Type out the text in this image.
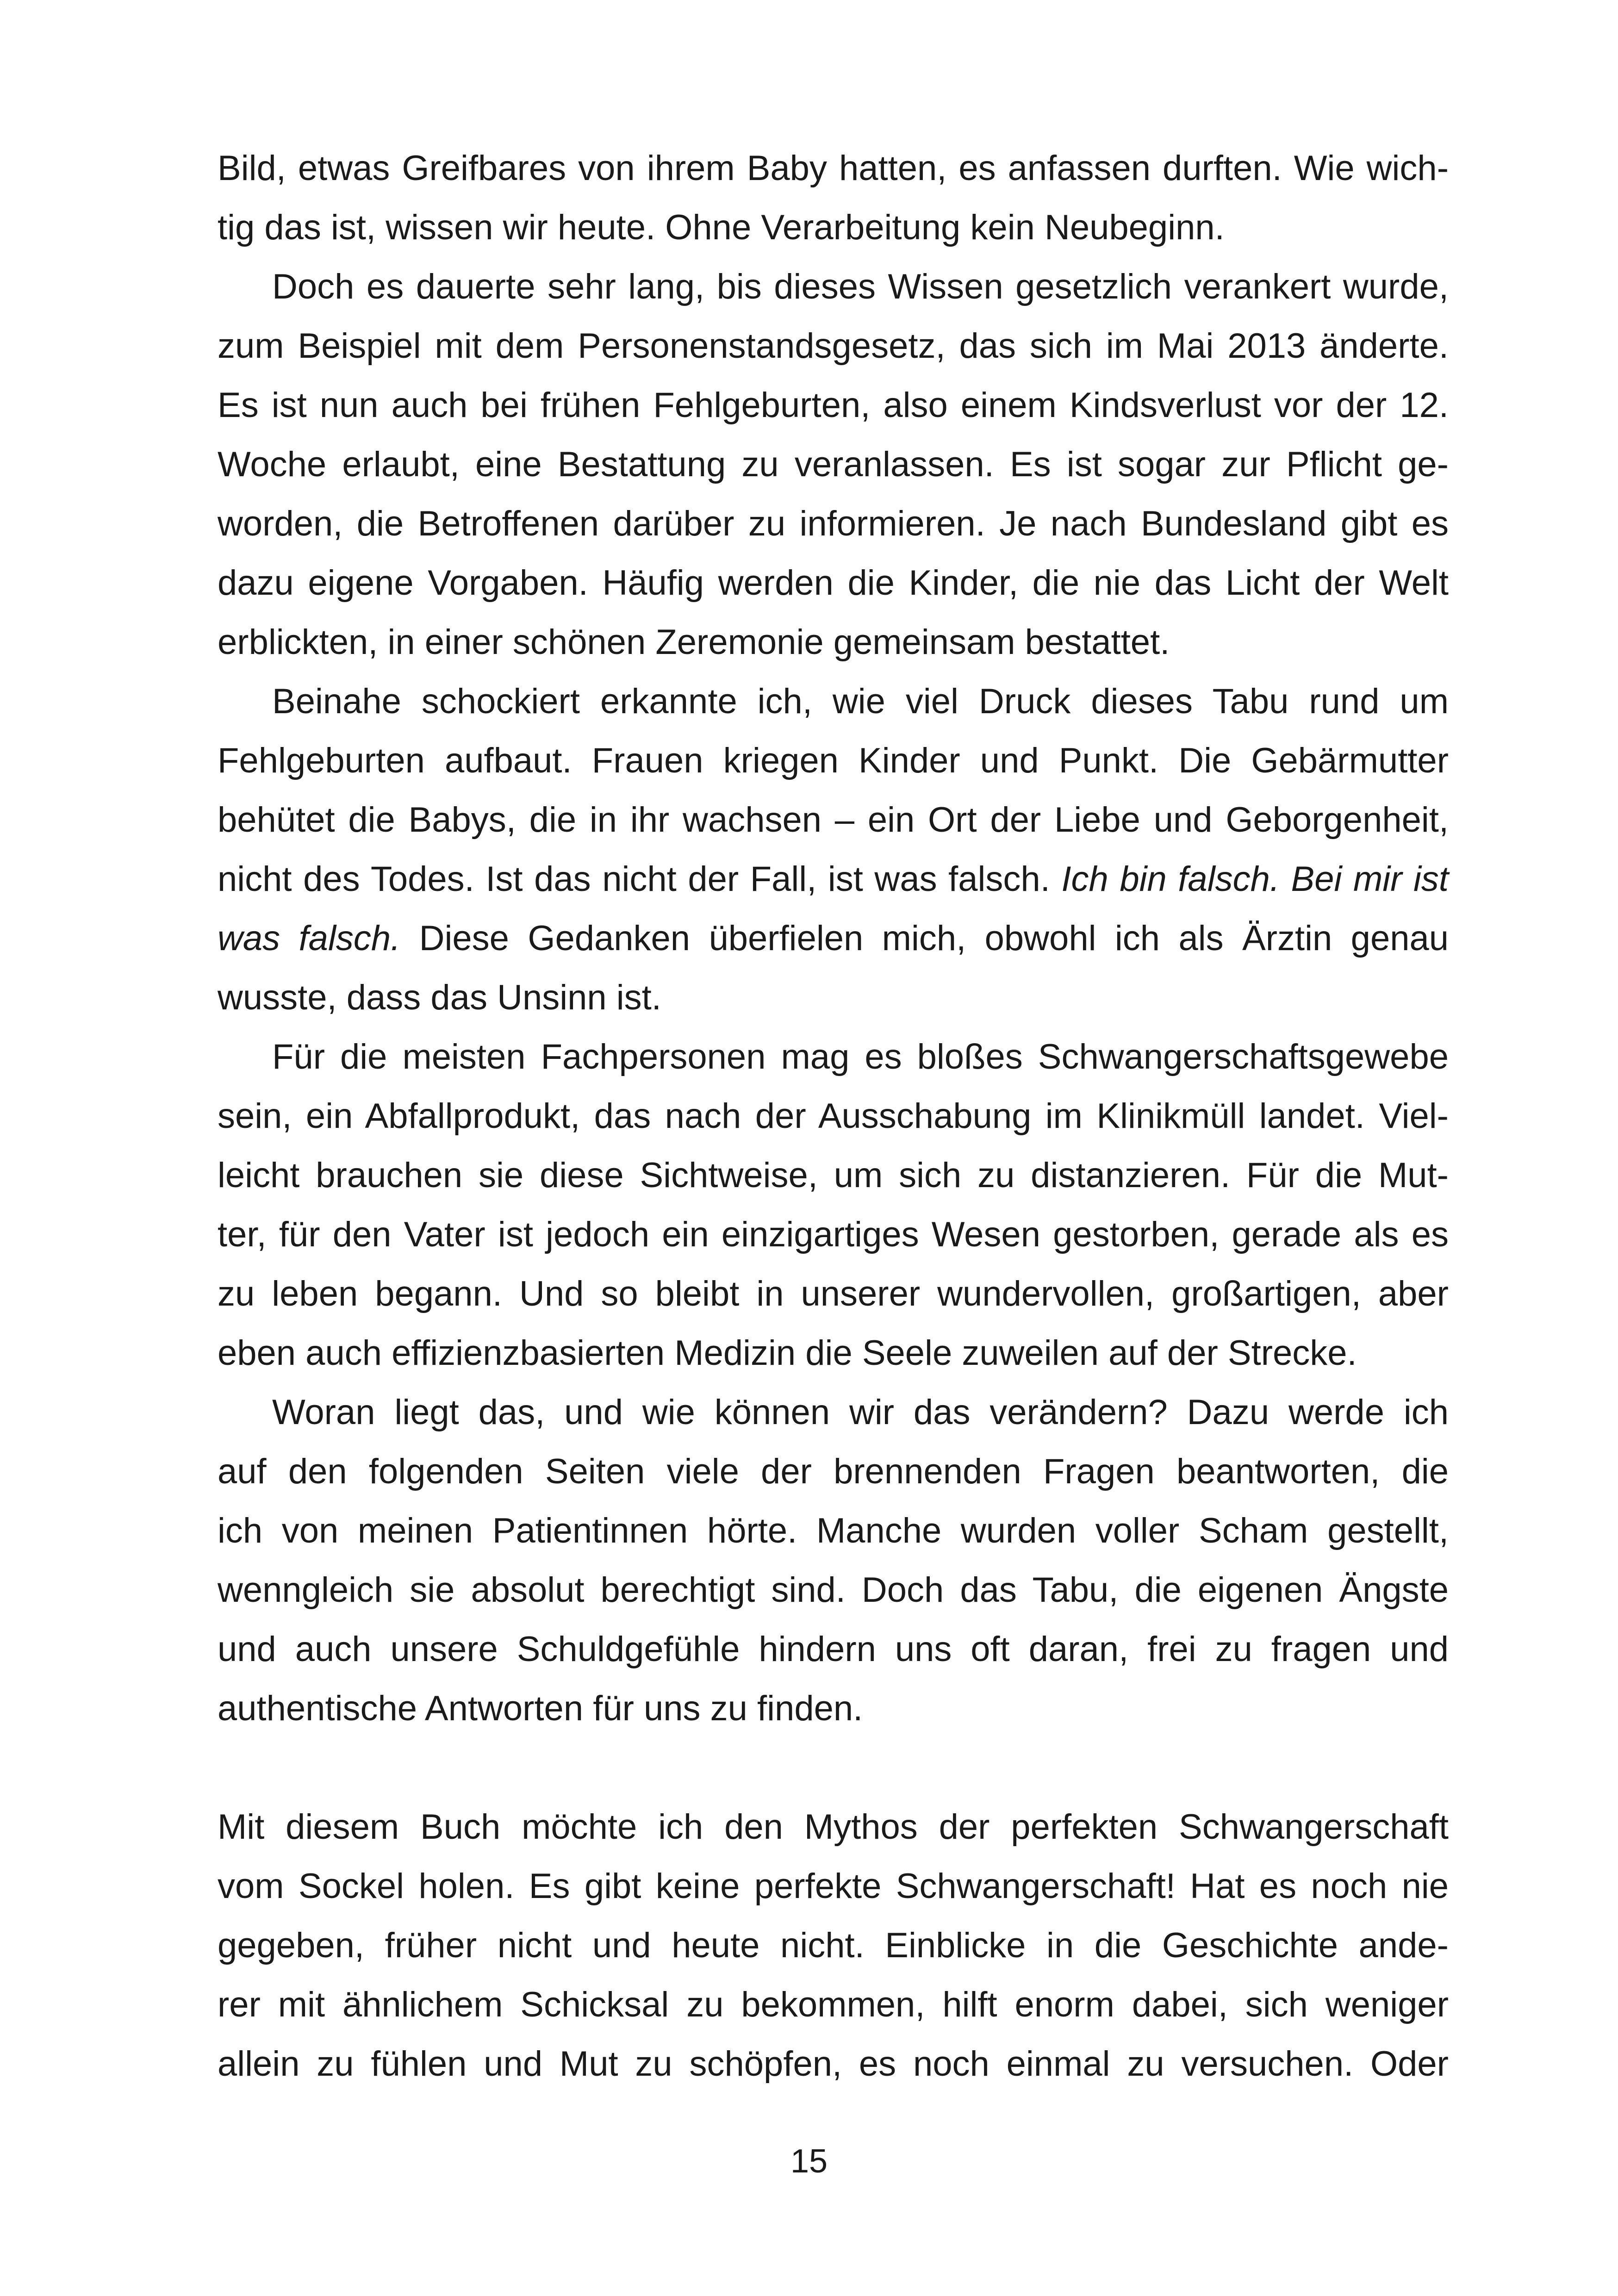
Bild, etwas Greifbares von ihrem Baby hatten, es anfassen durften. Wie wich-
tig das ist, wissen wir heute. Ohne Verarbeitung kein Neubeginn.
Doch es dauerte sehr lang, bis dieses Wissen gesetzlich verankert wurde,
zum Beispiel mit dem Personenstandsgesetz, das sich im Mai 2013 änderte.
Es ist nun auch bei frühen Fehlgeburten, also einem Kindsverlust vor der 12.
Woche erlaubt, eine Bestattung zu veranlassen. Es ist sogar zur Pflicht ge-
worden, die Betroffenen darüber zu informieren. Je nach Bundesland gibt es
dazu eigene Vorgaben. Häufig werden die Kinder, die nie das Licht der Welt
erblickten, in einer schönen Zeremonie gemeinsam bestattet.
Beinahe schockiert erkannte ich, wie viel Druck dieses Tabu rund um
Fehlgeburten aufbaut. Frauen kriegen Kinder und Punkt. Die Gebärmutter
behütet die Babys, die in ihr wachsen – ein Ort der Liebe und Geborgenheit,
nicht des Todes. Ist das nicht der Fall, ist was falsch. Ich bin falsch. Bei mir ist
was falsch. Diese Gedanken überfielen mich, obwohl ich als Ärztin genau
wusste, dass das Unsinn ist.
Für die meisten Fachpersonen mag es bloßes Schwangerschaftsgewebe
sein, ein Abfallprodukt, das nach der Ausschabung im Klinikmüll landet. Viel-
leicht brauchen sie diese Sichtweise, um sich zu distanzieren. Für die Mut-
ter, für den Vater ist jedoch ein einzigartiges Wesen gestorben, gerade als es
zu leben begann. Und so bleibt in unserer wundervollen, großartigen, aber
eben auch effizienzbasierten Medizin die Seele zuweilen auf der Strecke.
Woran liegt das, und wie können wir das verändern? Dazu werde ich
auf den folgenden Seiten viele der brennenden Fragen beantworten, die
ich von meinen Patientinnen hörte. Manche wurden voller Scham gestellt,
wenngleich sie absolut berechtigt sind. Doch das Tabu, die eigenen Ängste
und auch unsere Schuldgefühle hindern uns oft daran, frei zu fragen und
authentische Antworten für uns zu finden.
Mit diesem Buch möchte ich den Mythos der perfekten Schwangerschaft
vom Sockel holen. Es gibt keine perfekte Schwangerschaft! Hat es noch nie
gegeben, früher nicht und heute nicht. Einblicke in die Geschichte ande-
rer mit ähnlichem Schicksal zu bekommen, hilft enorm dabei, sich weniger
allein zu fühlen und Mut zu schöpfen, es noch einmal zu versuchen. Oder
15
